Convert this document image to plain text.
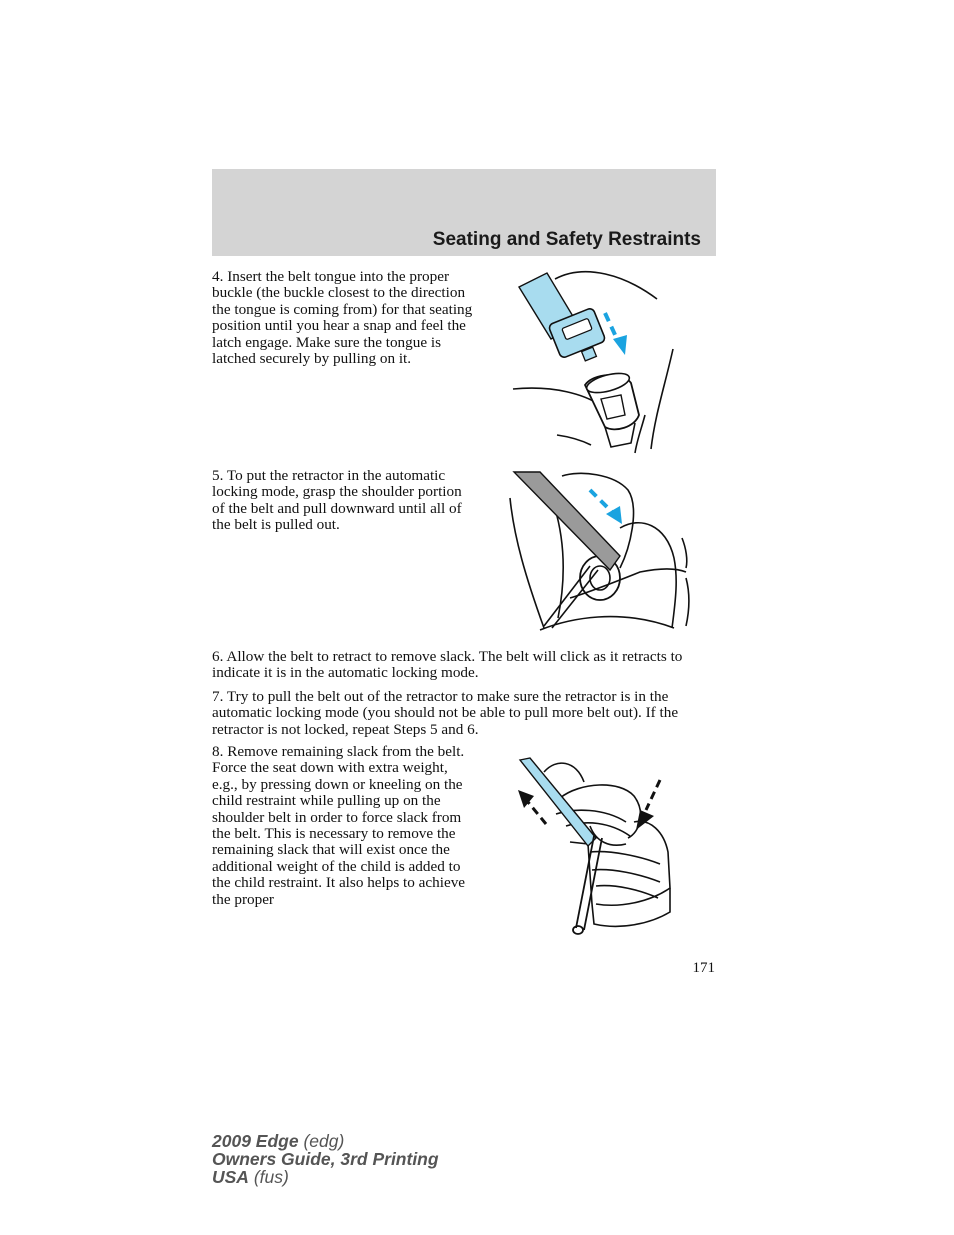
Seating and Safety Restraints

4. Insert the belt tongue into the proper buckle (the buckle closest to the direction the tongue is coming from) for that seating position until you hear a snap and feel the latch engage. Make sure the tongue is latched securely by pulling on it.

5. To put the retractor in the automatic locking mode, grasp the shoulder portion of the belt and pull downward until all of the belt is pulled out.

6. Allow the belt to retract to remove slack. The belt will click as it retracts to indicate it is in the automatic locking mode.

7. Try to pull the belt out of the retractor to make sure the retractor is in the automatic locking mode (you should not be able to pull more belt out). If the retractor is not locked, repeat Steps 5 and 6.

8. Remove remaining slack from the belt. Force the seat down with extra weight, e.g., by pressing down or kneeling on the child restraint while pulling up on the shoulder belt in order to force slack from the belt. This is necessary to remove the remaining slack that will exist once the additional weight of the child is added to the child restraint. It also helps to achieve the proper

171
2009 Edge (edg)
Owners Guide, 3rd Printing
USA (fus)
